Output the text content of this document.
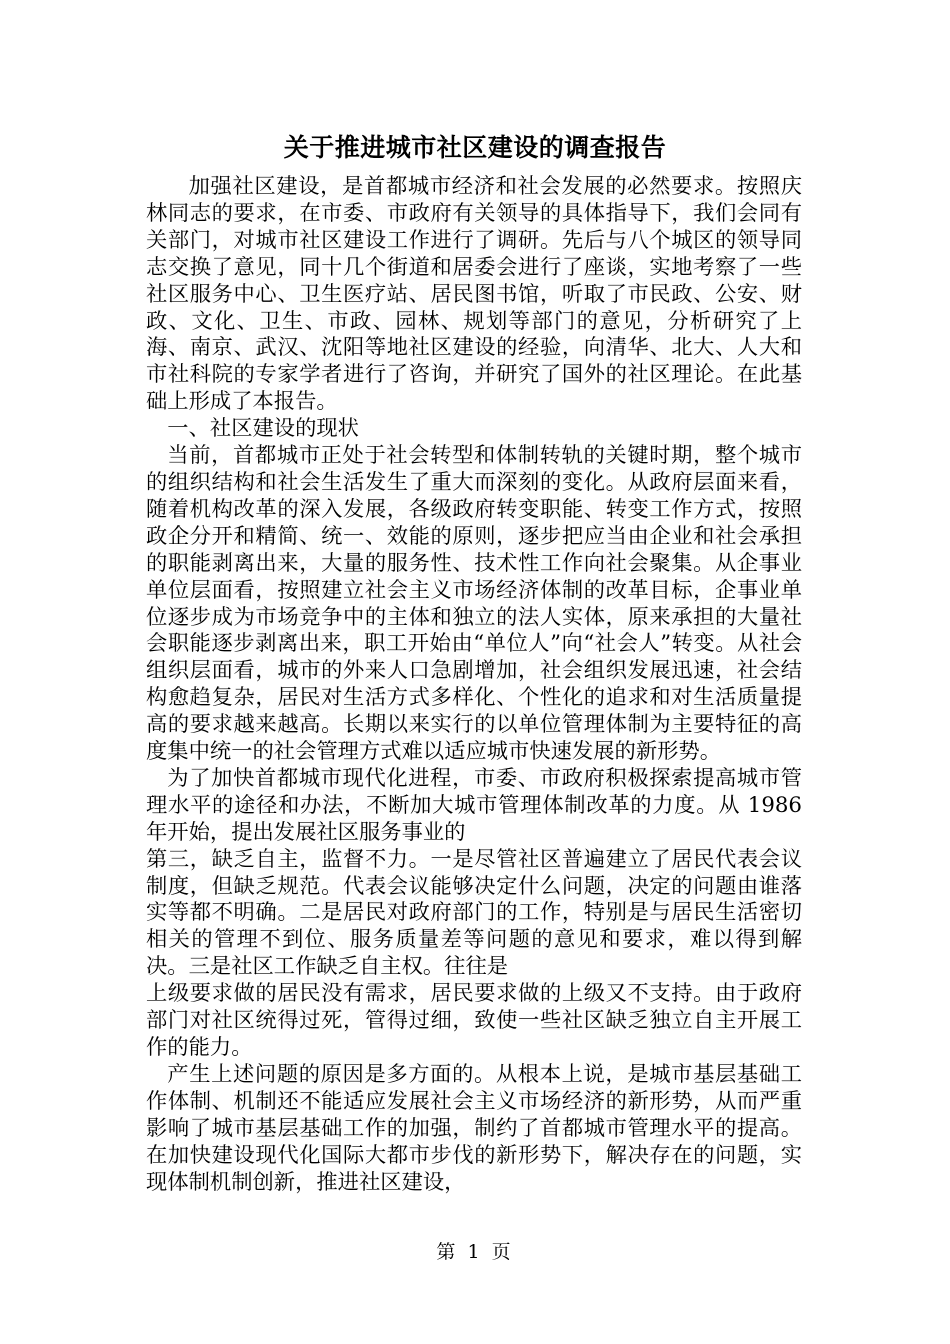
关于推进城市社区建设的调查报告

加强社区建设，是首都城市经济和社会发展的必然要求。按照庆林同志的要求，在市委、市政府有关领导的具体指导下，我们会同有关部门，对城市社区建设工作进行了调研。先后与八个城区的领导同志交换了意见，同十几个街道和居委会进行了座谈，实地考察了一些社区服务中心、卫生医疗站、居民图书馆，听取了市民政、公安、财政、文化、卫生、市政、园林、规划等部门的意见，分析研究了上海、南京、武汉、沈阳等地社区建设的经验，向清华、北大、人大和市社科院的专家学者进行了咨询，并研究了国外的社区理论。在此基础上形成了本报告。

一、社区建设的现状

当前，首都城市正处于社会转型和体制转轨的关键时期，整个城市的组织结构和社会生活发生了重大而深刻的变化。从政府层面来看，随着机构改革的深入发展，各级政府转变职能、转变工作方式，按照政企分开和精简、统一、效能的原则，逐步把应当由企业和社会承担的职能剥离出来，大量的服务性、技术性工作向社会聚集。从企事业单位层面看，按照建立社会主义市场经济体制的改革目标，企事业单位逐步成为市场竞争中的主体和独立的法人实体，原来承担的大量社会职能逐步剥离出来，职工开始由“单位人”向“社会人”转变。从社会组织层面看，城市的外来人口急剧增加，社会组织发展迅速，社会结构愈趋复杂，居民对生活方式多样化、个性化的追求和对生活质量提高的要求越来越高。长期以来实行的以单位管理体制为主要特征的高度集中统一的社会管理方式难以适应城市快速发展的新形势。

为了加快首都城市现代化进程，市委、市政府积极探索提高城市管理水平的途径和办法，不断加大城市管理体制改革的力度。从 1986 年开始，提出发展社区服务事业的

第三，缺乏自主，监督不力。一是尽管社区普遍建立了居民代表会议制度，但缺乏规范。代表会议能够决定什么问题，决定的问题由谁落实等都不明确。二是居民对政府部门的工作，特别是与居民生活密切相关的管理不到位、服务质量差等问题的意见和要求，难以得到解决。三是社区工作缺乏自主权。往往是

上级要求做的居民没有需求，居民要求做的上级又不支持。由于政府部门对社区统得过死，管得过细，致使一些社区缺乏独立自主开展工作的能力。

产生上述问题的原因是多方面的。从根本上说，是城市基层基础工作体制、机制还不能适应发展社会主义市场经济的新形势，从而严重影响了城市基层基础工作的加强，制约了首都城市管理水平的提高。在加快建设现代化国际大都市步伐的新形势下，解决存在的问题，实现体制机制创新，推进社区建设，

第 1 页
